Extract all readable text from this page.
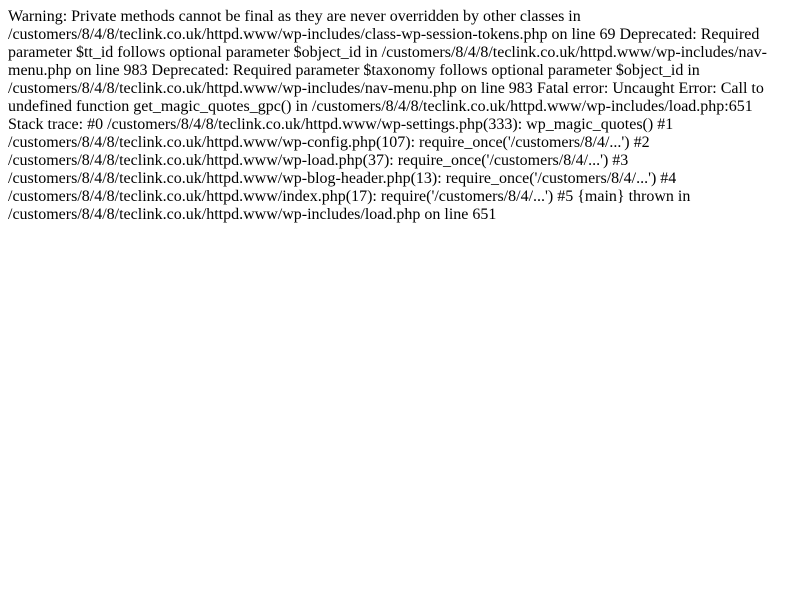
Warning: Private methods cannot be final as they are never overridden by other classes in /customers/8/4/8/teclink.co.uk/httpd.www/wp-includes/class-wp-session-tokens.php on line 69 Deprecated: Required parameter $tt_id follows optional parameter $object_id in /customers/8/4/8/teclink.co.uk/httpd.www/wp-includes/nav-menu.php on line 983 Deprecated: Required parameter $taxonomy follows optional parameter $object_id in /customers/8/4/8/teclink.co.uk/httpd.www/wp-includes/nav-menu.php on line 983 Fatal error: Uncaught Error: Call to undefined function get_magic_quotes_gpc() in /customers/8/4/8/teclink.co.uk/httpd.www/wp-includes/load.php:651 Stack trace: #0 /customers/8/4/8/teclink.co.uk/httpd.www/wp-settings.php(333): wp_magic_quotes() #1 /customers/8/4/8/teclink.co.uk/httpd.www/wp-config.php(107): require_once('/customers/8/4/...') #2 /customers/8/4/8/teclink.co.uk/httpd.www/wp-load.php(37): require_once('/customers/8/4/...') #3 /customers/8/4/8/teclink.co.uk/httpd.www/wp-blog-header.php(13): require_once('/customers/8/4/...') #4 /customers/8/4/8/teclink.co.uk/httpd.www/index.php(17): require('/customers/8/4/...') #5 {main} thrown in /customers/8/4/8/teclink.co.uk/httpd.www/wp-includes/load.php on line 651
